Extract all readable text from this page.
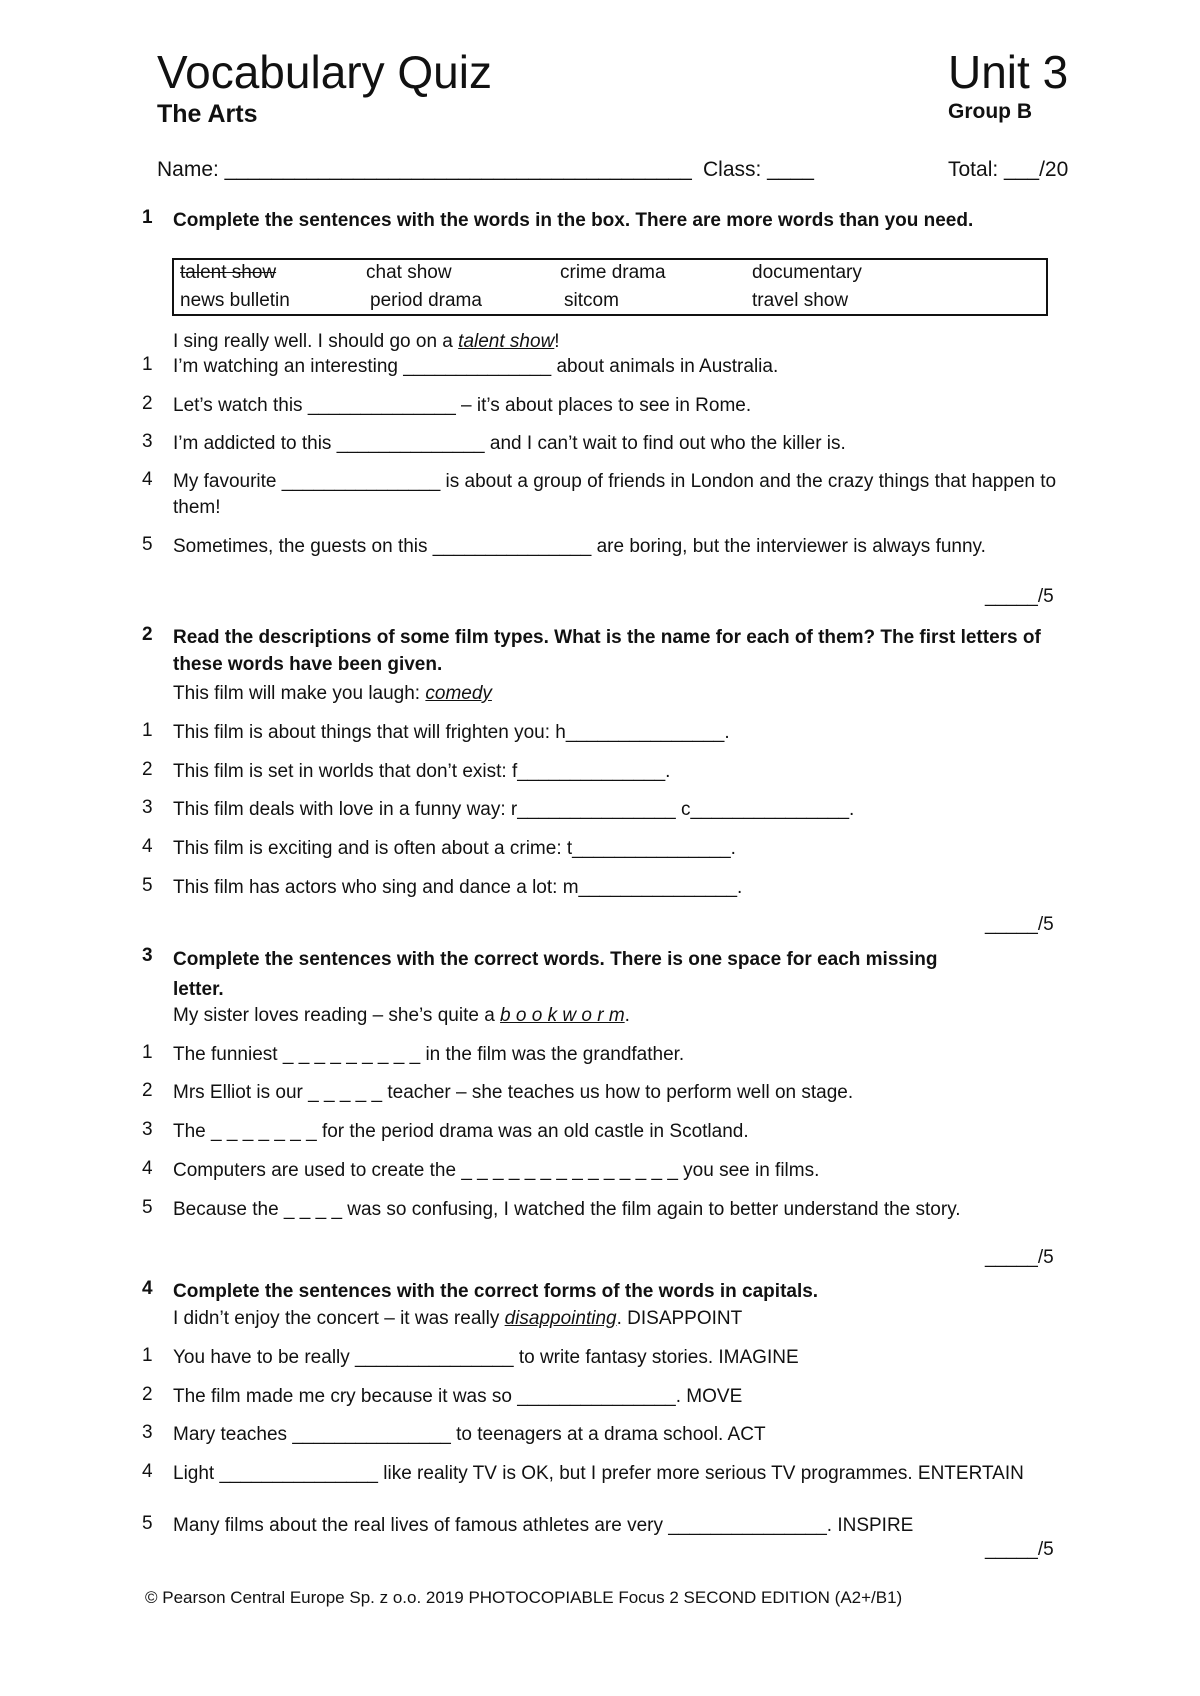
Vocabulary Quiz	Unit 3
The Arts	Group B
Name: ________________________________________ Class: ____	Total: ___/20
1 Complete the sentences with the words in the box. There are more words than you need.
talent show	chat show	crime drama	documentary
news bulletin	period drama	sitcom	travel show
I sing really well. I should go on a talent show!
1 I’m watching an interesting ______________ about animals in Australia.
2 Let’s watch this ______________ – it’s about places to see in Rome.
3 I’m addicted to this ______________ and I can’t wait to find out who the killer is.
4 My favourite _______________ is about a group of friends in London and the crazy things that happen to them!
5 Sometimes, the guests on this _______________ are boring, but the interviewer is always funny.
_____/5
2 Read the descriptions of some film types. What is the name for each of them? The first letters of these words have been given.
This film will make you laugh: comedy
1 This film is about things that will frighten you: h_______________.
2 This film is set in worlds that don’t exist: f______________.
3 This film deals with love in a funny way: r_______________ c_______________.
4 This film is exciting and is often about a crime: t_______________.
5 This film has actors who sing and dance a lot: m_______________.
_____/5
3 Complete the sentences with the correct words. There is one space for each missing letter.
My sister loves reading – she’s quite a b o o k w o r m.
1 The funniest _ _ _ _ _ _ _ _ _ in the film was the grandfather.
2 Mrs Elliot is our _ _ _ _ _ teacher – she teaches us how to perform well on stage.
3 The _ _ _ _ _ _ _ for the period drama was an old castle in Scotland.
4 Computers are used to create the _ _ _ _ _ _ _ _ _ _ _ _ _ _ you see in films.
5 Because the _ _ _ _ was so confusing, I watched the film again to better understand the story.
_____/5
4 Complete the sentences with the correct forms of the words in capitals.
I didn’t enjoy the concert – it was really disappointing. DISAPPOINT
1 You have to be really _______________ to write fantasy stories. IMAGINE
2 The film made me cry because it was so _______________. MOVE
3 Mary teaches _______________ to teenagers at a drama school. ACT
4 Light _______________ like reality TV is OK, but I prefer more serious TV programmes. ENTERTAIN
5 Many films about the real lives of famous athletes are very _______________. INSPIRE
_____/5
© Pearson Central Europe Sp. z o.o. 2019 PHOTOCOPIABLE Focus 2 SECOND EDITION (A2+/B1)
